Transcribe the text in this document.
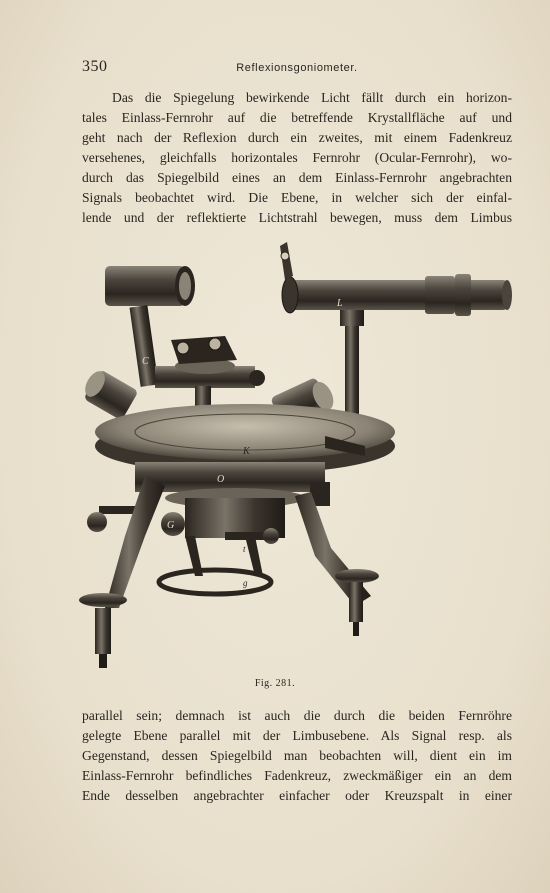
350	Reflexionsgoniometer.
Das die Spiegelung bewirkende Licht fällt durch ein horizon-
tales Einlass-Fernrohr auf die betreffende Krystallfläche auf und
geht nach der Reflexion durch ein zweites, mit einem Fadenkreuz
versehenes, gleichfalls horizontales Fernrohr (Ocular-Fernrohr), wo-
durch das Spiegelbild eines an dem Einlass-Fernrohr angebrachten
Signals beobachtet wird. Die Ebene, in welcher sich der einfal-
lende und der reflektierte Lichtstrahl bewegen, muss dem Limbus
L
C
S
K
O
α
G
t
g
Fig. 281.
parallel sein; demnach ist auch die durch die beiden Fernröhre
gelegte Ebene parallel mit der Limbusebene. Als Signal resp. als
Gegenstand, dessen Spiegelbild man beobachten will, dient ein im
Einlass-Fernrohr befindliches Fadenkreuz, zweckmäßiger ein an dem
Ende desselben angebrachter einfacher oder Kreuzspalt in einer
